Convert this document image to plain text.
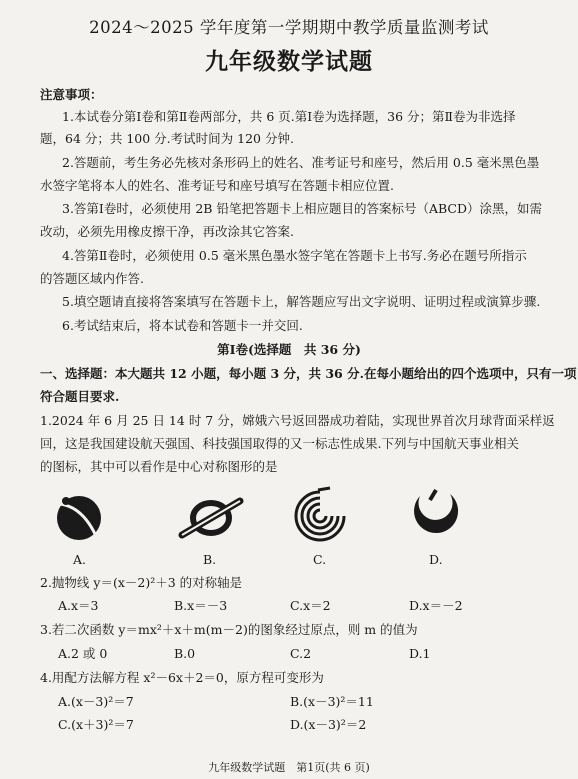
2024～2025 学年度第一学期期中教学质量监测考试
九年级数学试题
注意事项：
1.本试卷分第Ⅰ卷和第Ⅱ卷两部分，共 6 页.第Ⅰ卷为选择题，36 分；第Ⅱ卷为非选择
题，64 分；共 100 分.考试时间为 120 分钟.
2.答题前，考生务必先核对条形码上的姓名、准考证号和座号，然后用 0.5 毫米黑色墨
水签字笔将本人的姓名、准考证号和座号填写在答题卡相应位置.
3.答第Ⅰ卷时，必须使用 2B 铅笔把答题卡上相应题目的答案标号（ABCD）涂黑，如需
改动，必须先用橡皮擦干净，再改涂其它答案.
4.答第Ⅱ卷时，必须使用 0.5 毫米黑色墨水签字笔在答题卡上书写.务必在题号所指示
的答题区域内作答.
5.填空题请直接将答案填写在答题卡上，解答题应写出文字说明、证明过程或演算步骤.
6.考试结束后，将本试卷和答题卡一并交回.
第Ⅰ卷(选择题　共 36 分)
一、选择题：本大题共 12 小题，每小题 3 分，共 36 分.在每小题给出的四个选项中，只有一项
符合题目要求.
1.2024 年 6 月 25 日 14 时 7 分，嫦娥六号返回器成功着陆，实现世界首次月球背面采样返
回，这是我国建设航天强国、科技强国取得的又一标志性成果.下列与中国航天事业相关
的图标，其中可以看作是中心对称图形的是
A.	B.	C.	D.
2.抛物线 y＝(x－2)²＋3 的对称轴是
A.x＝3	B.x＝－3	C.x＝2	D.x＝－2
3.若二次函数 y＝mx²＋x＋m(m－2)的图象经过原点，则 m 的值为
A.2 或 0	B.0	C.2	D.1
4.用配方法解方程 x²－6x＋2＝0，原方程可变形为
A.(x－3)²＝7	B.(x－3)²＝11
C.(x＋3)²＝7	D.(x－3)²＝2
九年级数学试题　第1页(共 6 页)
